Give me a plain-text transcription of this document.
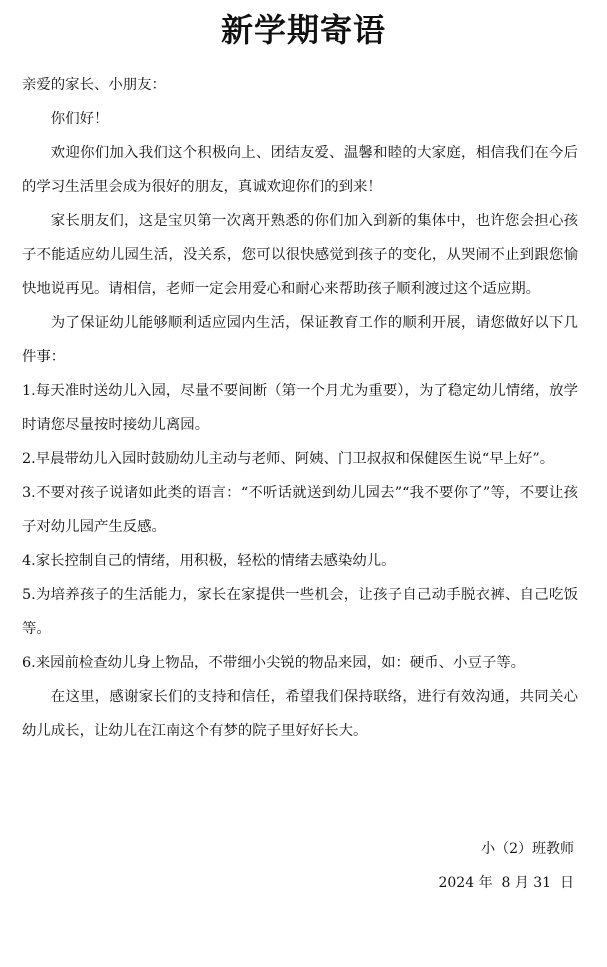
新学期寄语

亲爱的家长、小朋友：

你们好！

欢迎你们加入我们这个积极向上、团结友爱、温馨和睦的大家庭，相信我们在今后的学习生活里会成为很好的朋友，真诚欢迎你们的到来！

家长朋友们，这是宝贝第一次离开熟悉的你们加入到新的集体中，也许您会担心孩子不能适应幼儿园生活，没关系，您可以很快感觉到孩子的变化，从哭闹不止到跟您愉快地说再见。请相信，老师一定会用爱心和耐心来帮助孩子顺利渡过这个适应期。

为了保证幼儿能够顺利适应园内生活，保证教育工作的顺利开展，请您做好以下几件事：

1.每天准时送幼儿入园，尽量不要间断（第一个月尤为重要），为了稳定幼儿情绪，放学时请您尽量按时接幼儿离园。

2.早晨带幼儿入园时鼓励幼儿主动与老师、阿姨、门卫叔叔和保健医生说“早上好”。

3.不要对孩子说诸如此类的语言：“不听话就送到幼儿园去”“我不要你了”等，不要让孩子对幼儿园产生反感。

4.家长控制自己的情绪，用积极，轻松的情绪去感染幼儿。

5.为培养孩子的生活能力，家长在家提供一些机会，让孩子自己动手脱衣裤、自己吃饭等。

6.来园前检查幼儿身上物品，不带细小尖锐的物品来园，如：硬币、小豆子等。

在这里，感谢家长们的支持和信任，希望我们保持联络，进行有效沟通，共同关心幼儿成长，让幼儿在江南这个有梦的院子里好好长大。

小（2）班教师
2024 年  8 月 31  日
